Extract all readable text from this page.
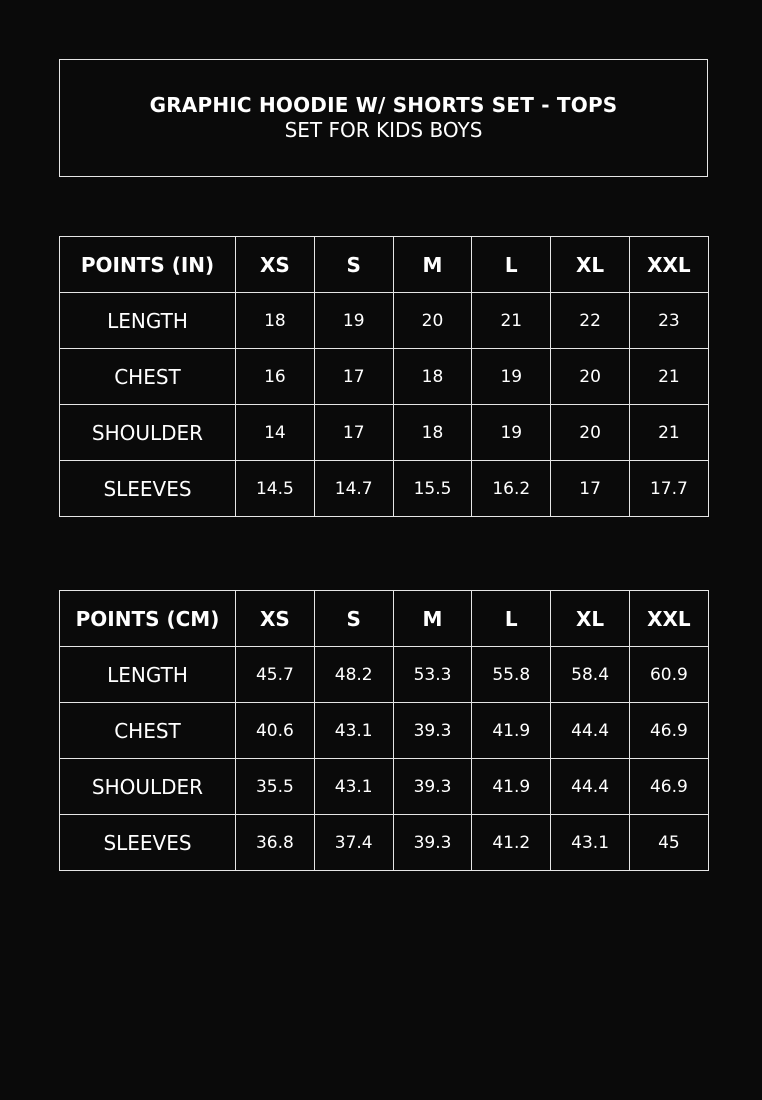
GRAPHIC HOODIE W/ SHORTS SET - TOPS
SET FOR KIDS BOYS
POINTS (IN)	XS	S	M	L	XL	XXL
LENGTH	18	19	20	21	22	23
CHEST	16	17	18	19	20	21
SHOULDER	14	17	18	19	20	21
SLEEVES	14.5	14.7	15.5	16.2	17	17.7
POINTS (CM)	XS	S	M	L	XL	XXL
LENGTH	45.7	48.2	53.3	55.8	58.4	60.9
CHEST	40.6	43.1	39.3	41.9	44.4	46.9
SHOULDER	35.5	43.1	39.3	41.9	44.4	46.9
SLEEVES	36.8	37.4	39.3	41.2	43.1	45
